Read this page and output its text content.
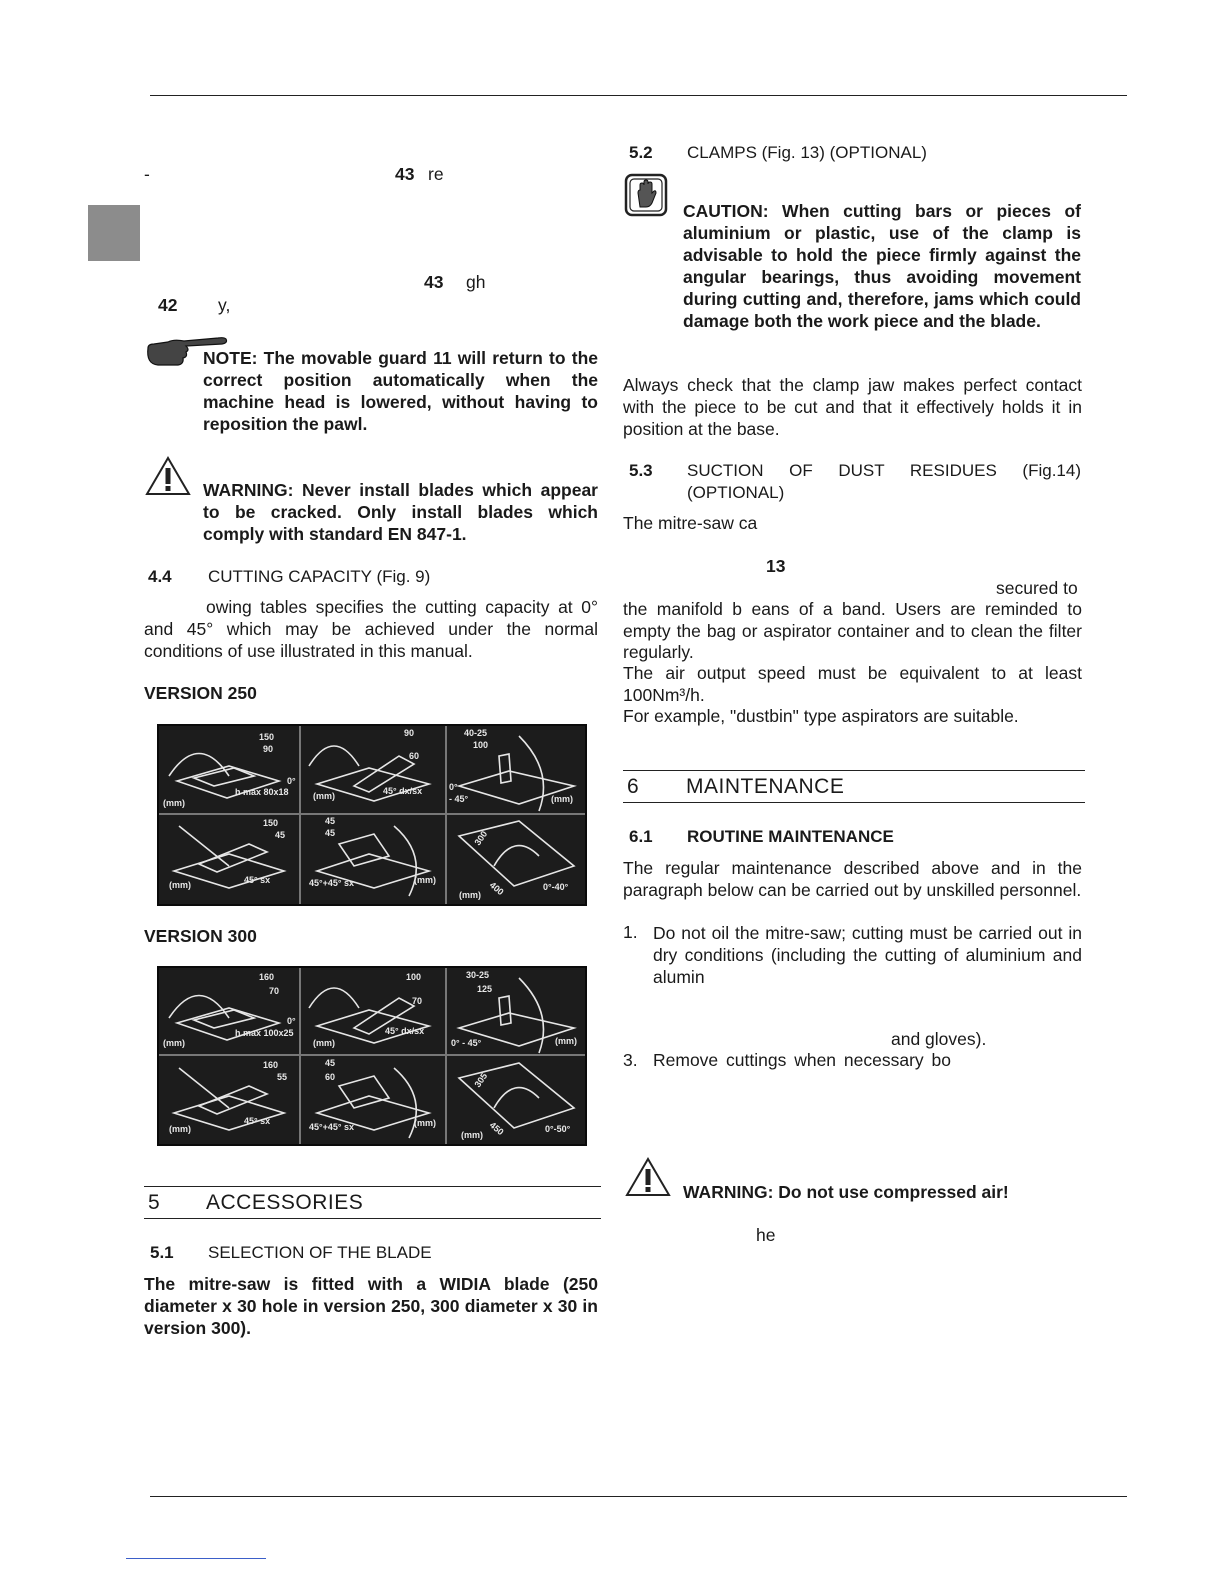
-	43 re
43 gh
42 y,
NOTE: The movable guard 11 will return to the correct position automatically when the machine head is lowered, without having to reposition the pawl.
WARNING: Never install blades which appear to be cracked. Only install blades which comply with standard EN 847-1.
4.4 CUTTING CAPACITY (Fig. 9)
owing tables specifies the cutting capacity at 0° and 45° which may be achieved under the normal conditions of use illustrated in this manual.
VERSION 250
150
90
0°
h max 80x18
(mm)
90
60
45° dx/sx
(mm)
40-25
100
0°
- 45°	(mm)
150
45
45° sx
(mm)
45
45
45°+45° sx	(mm)
300
400	0°-40°
(mm)
VERSION 300
160
70
0°
h max 100x25
(mm)
100
70
45° dx/sx
(mm)
30-25
125
0° - 45°	(mm)
160
55
45° sx
(mm)
45
60
45°+45° sx	(mm)
305
450	0°-50°
(mm)
5 ACCESSORIES
5.1 SELECTION OF THE BLADE
The mitre-saw is fitted with a WIDIA blade (250 diameter x 30 hole in version 250, 300 diameter x 30 in version 300).
5.2 CLAMPS (Fig. 13) (OPTIONAL)
CAUTION: When cutting bars or pieces of aluminium or plastic, use of the clamp is advisable to hold the piece firmly against the angular bearings, thus avoiding movement during cutting and, therefore, jams which could damage both the work piece and the blade.
Always check that the clamp jaw makes perfect contact with the piece to be cut and that it effectively holds it in position at the base.
5.3 SUCTION OF DUST RESIDUES (Fig.14)
(OPTIONAL)
The mitre-saw ca
13
secured to
the manifold b eans of a band. Users are reminded to empty the bag or aspirator container and to clean the filter regularly.
The air output speed must be equivalent to at least 100Nm³/h.
For example, "dustbin" type aspirators are suitable.
6 MAINTENANCE
6.1 ROUTINE MAINTENANCE
The regular maintenance described above and in the paragraph below can be carried out by unskilled personnel.
1. Do not oil the mitre-saw; cutting must be carried out in dry conditions (including the cutting of aluminium and alumin
and gloves).
3. Remove cuttings when necessary bo
WARNING: Do not use compressed air!
he
